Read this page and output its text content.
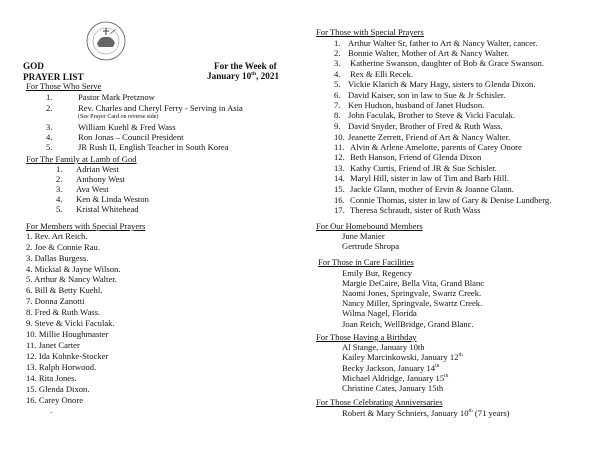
GOD
PRAYER LIST
For the Week of
January 10th, 2021
For Those Who Serve
1.	Pastor Mark Pretznow
2.	Rev. Charles and Cheryl Ferry - Serving in Asia
(See Prayer Card on reverse side)
3.	William Kuehl & Fred Wass
4.	Ron Jonas – Council President
5.	JR Rush II, English Teacher in South Korea
For The Family at Lamb of God
1. Adrian West
2. Anthony West
3. Ava West
4. Ken & Linda Weston
5. Kristal Whitehead
For Members with Special Prayers
1. Rev. Art Reich.
2. Joe & Connie Rau.
3. Dallas Burgess.
4. Mickial & Jayne Wilson.
5. Arthur & Nancy Walter.
6. Bill & Betty Kuehl.
7. Donna Zanotti
8. Fred & Ruth Wass.
9. Steve & Vicki Faculak.
10. Millie Houghmaster
11. Janet Carter
12. Ida Kohnke-Stocker
13. Ralph Horwood.
14. Rita Jones.
15. Glenda Dixon.
16. Carey Onore
.
For Those with Special Prayers
1. Arthur Walter Sr, father to Art & Nancy Walter, cancer.
2. Bonnie Walter, Mother of Art & Nancy Walter.
3. Katherine Swanson, daughter of Bob & Grace Swanson.
4. Rex & Elli Recek.
5. Vickie Klarich & Mary Hagy, sisters to Glenda Dixon.
6. David Kaiser, son in law to Sue & Jr Schisler.
7. Ken Hudson, husband of Janet Hudson.
8. John Faculak, Brother to Steve & Vicki Faculak.
9. David Snyder, Brother of Fred & Ruth Wass.
10. Jeanette Zerrett, Friend of Art & Nancy Walter.
11. Alvin & Arlene Amelotte, parents of Carey Onore
12. Beth Hanson, Friend of Glenda Dixon
13. Kathy Curtis, Friend of JR & Sue Schisler.
14. Maryl Hill, sister in law of Tim and Barb Hill.
15. Jackie Glann, mother of Ervin & Joanne Glann.
16. Connie Thomas, sister in law of Gary & Denise Lundberg.
17. Theresa Schraudt, sister of Ruth Wass
For Our Homebound Members
June Manier
Gertrude Shropa
For Those in Care Facilities
Emily Bur, Regency
Margie DeCaire, Bella Vita, Grand Blanc
Naomi Jones, Springvale, Swartz Creek.
Nancy Miller, Springvale, Swartz Creek.
Wilma Nagel, Florida
Joan Reich, WellBridge, Grand Blanc.
For Those Having a Birthday
Al Stange, January 10th
Kailey Marcinkowski, January 12th
Becky Jackson, January 14th
Michael Aldridge, January 15th
Christine Cates, January 15th
For Those Celebrating Anniversaries
Robert & Mary Schniers, January 10th (71 years)
